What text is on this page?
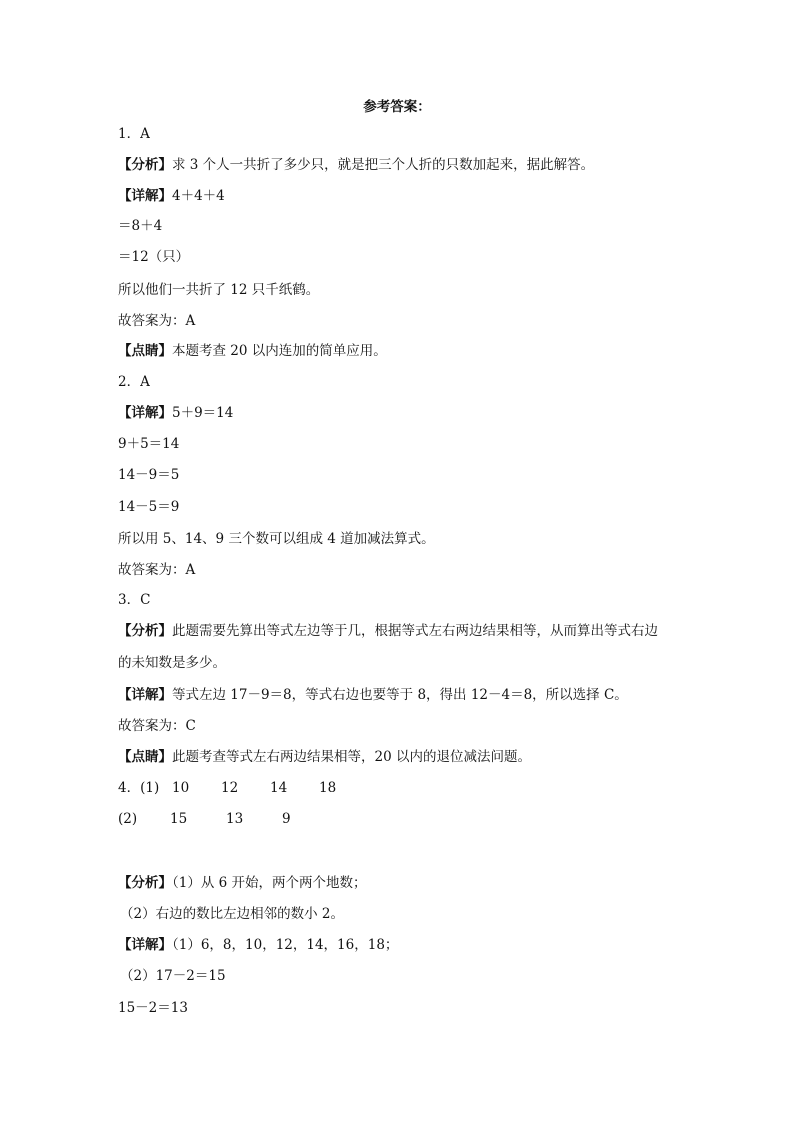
参考答案：
1．A
【分析】求 3 个人一共折了多少只，就是把三个人折的只数加起来，据此解答。
【详解】4＋4＋4
＝8＋4
＝12（只）
所以他们一共折了 12 只千纸鹤。
故答案为：A
【点睛】本题考查 20 以内连加的简单应用。
2．A
【详解】5＋9＝14
9＋5＝14
14－9＝5
14－5＝9
所以用 5、14、9 三个数可以组成 4 道加减法算式。
故答案为：A
3．C
【分析】此题需要先算出等式左边等于几，根据等式左右两边结果相等，从而算出等式右边
的未知数是多少。
【详解】等式左边 17－9＝8，等式右边也要等于 8，得出 12－4＝8，所以选择 C。
故答案为：C
【点睛】此题考查等式左右两边结果相等，20 以内的退位减法问题。
4．(1) 10 12 14 18
(2) 15	13	9
【分析】（1）从 6 开始，两个两个地数；
（2）右边的数比左边相邻的数小 2。
【详解】（1）6，8，10，12，14，16，18；
（2）17－2＝15
15－2＝13
